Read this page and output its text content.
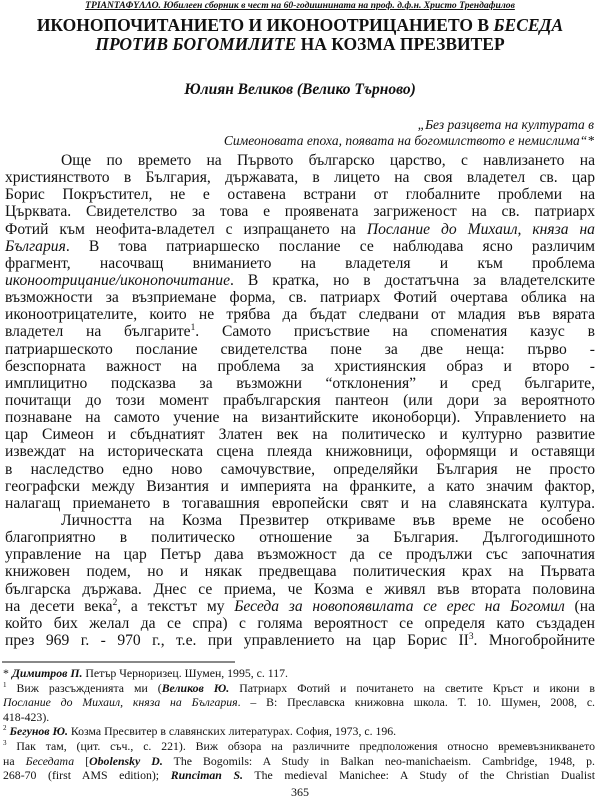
TPIANTAΦYΛΛΟ. Юбилеен сборник в чест на 60-годишнината на проф. д.ф.н. Христо Трендафилов
ИКОНОПОЧИТАНИЕТО И ИКОНООТРИЦАНИЕТО В БЕСЕДА
ПРОТИВ БОГОМИЛИТЕ НА КОЗМА ПРЕЗВИТЕР
Юлиян Великов (Велико Търново)
„Без разцвета на културата в
Симеоновата епоха, появата на богомилството е немислима“*
Още по времето на Първото българско царство, с навлизането на
християнството в България, държавата, в лицето на своя владетел св. цар
Борис Покръстител, не е оставена встрани от глобалните проблеми на
Църквата. Свидетелство за това е проявената загриженост на св. патриарх
Фотий към неофита-владетел с изпращането на Послание до Михаил, княза на
България. В това патриаршеско послание се наблюдава ясно различим
фрагмент, насочващ вниманието на владетеля и към проблема
иконоотрицание/иконопочитание. В кратка, но в достатъчна за владетелските
възможности за възприемане форма, св. патриарх Фотий очертава облика на
иконоотрицателите, които не трябва да бъдат следвани от младия във вярата
владетел на българите$^1$. Самото присъствие на споменатия казус в
патриаршеското послание свидетелства поне за две неща: първо -
безспорната важност на проблема за християнския образ и второ -
имплицитно подсказва за възможни “отклонения” и сред българите,
почитащи до този момент прабългарския пантеон (или дори за вероятното
познаване на самото учение на византийските иконоборци). Управлението на
цар Симеон и сбъднатият Златен век на политическо и културно развитие
извеждат на историческата сцена плеяда книжовници, оформящи и оставящи
в наследство едно ново самочувствие, определяйки България не просто
географски между Византия и империята на франките, а като значим фактор,
налагащ приемането в тогавашния европейски свят и на славянската култура.
Личността на Козма Презвитер откриваме във време не особено
благоприятно в политическо отношение за България. Дългогодишното
управление на цар Петър дава възможност да се продължи със започнатия
книжовен подем, но и някак предвещава политическия крах на Първата
българска държава. Днес се приема, че Козма е живял във втората половина
на десети века$^2$, а текстът му Беседа за новопоявилата се ерес на Богомил (на
който бих желал да се спра) с голяма вероятност се определя като създаден
през 969 г. - 970 г., т.е. при управлението на цар Борис $II^3$. Многобройните
* Димитров П. Петър Черноризец. Шумен, 1995, с. 117.
$^1$ Виж разсъжденията ми (Великов Ю. Патриарх Фотий и почитането на светите Кръст и икони в
Послание до Михаил, княза на България. – В: Преславска книжовна школа. Т. 10. Шумен, 2008, с.
418-423).
$^2$ Бегунов Ю. Козма Пресвитер в славянских литературах. София, 1973, с. 196.
$^3$ Пак там, (цит. съч., с. 221). Виж обзора на различните предположения относно времевъзникването
на Беседата [Obolensky D. The Bogomils: A Study in Balkan neo-manichaeism. Cambridge, 1948, p.
268-70 (first AMS edition); Runciman S. The medieval Manichee: A Study of the Christian Dualist
365
